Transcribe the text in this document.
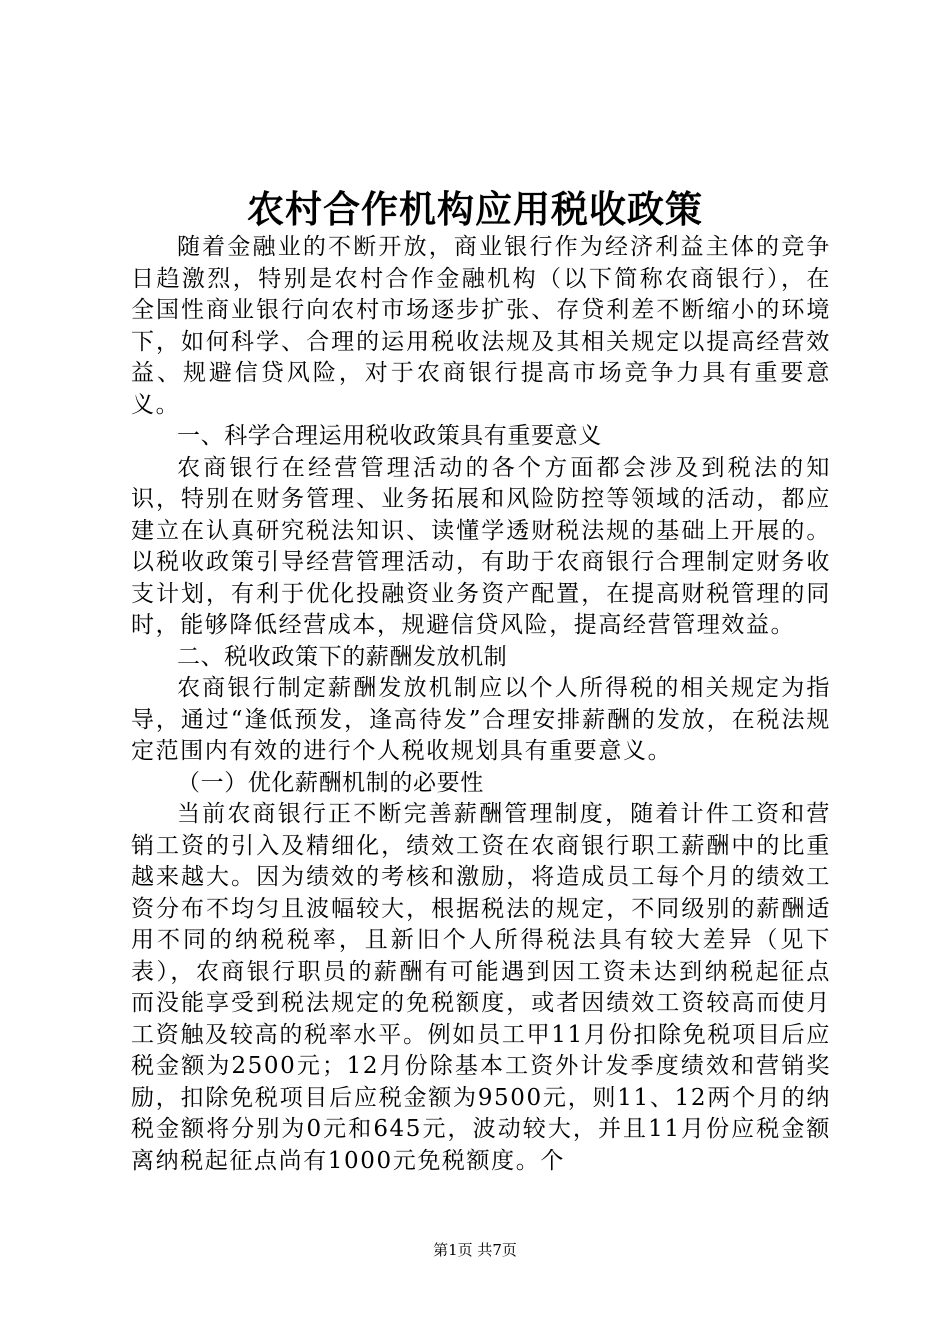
农村合作机构应用税收政策

随着金融业的不断开放，商业银行作为经济利益主体的竞争日趋激烈，特别是农村合作金融机构（以下简称农商银行），在全国性商业银行向农村市场逐步扩张、存贷利差不断缩小的环境下，如何科学、合理的运用税收法规及其相关规定以提高经营效益、规避信贷风险，对于农商银行提高市场竞争力具有重要意义。

一、科学合理运用税收政策具有重要意义

农商银行在经营管理活动的各个方面都会涉及到税法的知识，特别在财务管理、业务拓展和风险防控等领域的活动，都应建立在认真研究税法知识、读懂学透财税法规的基础上开展的。以税收政策引导经营管理活动，有助于农商银行合理制定财务收支计划，有利于优化投融资业务资产配置，在提高财税管理的同时，能够降低经营成本，规避信贷风险，提高经营管理效益。

二、税收政策下的薪酬发放机制

农商银行制定薪酬发放机制应以个人所得税的相关规定为指导，通过“逢低预发，逢高待发”合理安排薪酬的发放，在税法规定范围内有效的进行个人税收规划具有重要意义。

（一）优化薪酬机制的必要性

当前农商银行正不断完善薪酬管理制度，随着计件工资和营销工资的引入及精细化，绩效工资在农商银行职工薪酬中的比重越来越大。因为绩效的考核和激励，将造成员工每个月的绩效工资分布不均匀且波幅较大，根据税法的规定，不同级别的薪酬适用不同的纳税税率，且新旧个人所得税法具有较大差异（见下表），农商银行职员的薪酬有可能遇到因工资未达到纳税起征点而没能享受到税法规定的免税额度，或者因绩效工资较高而使月工资触及较高的税率水平。例如员工甲11月份扣除免税项目后应税金额为2500元；12月份除基本工资外计发季度绩效和营销奖励，扣除免税项目后应税金额为9500元，则11、12两个月的纳税金额将分别为0元和645元，波动较大，并且11月份应税金额离纳税起征点尚有1000元免税额度。个

第1页 共7页
